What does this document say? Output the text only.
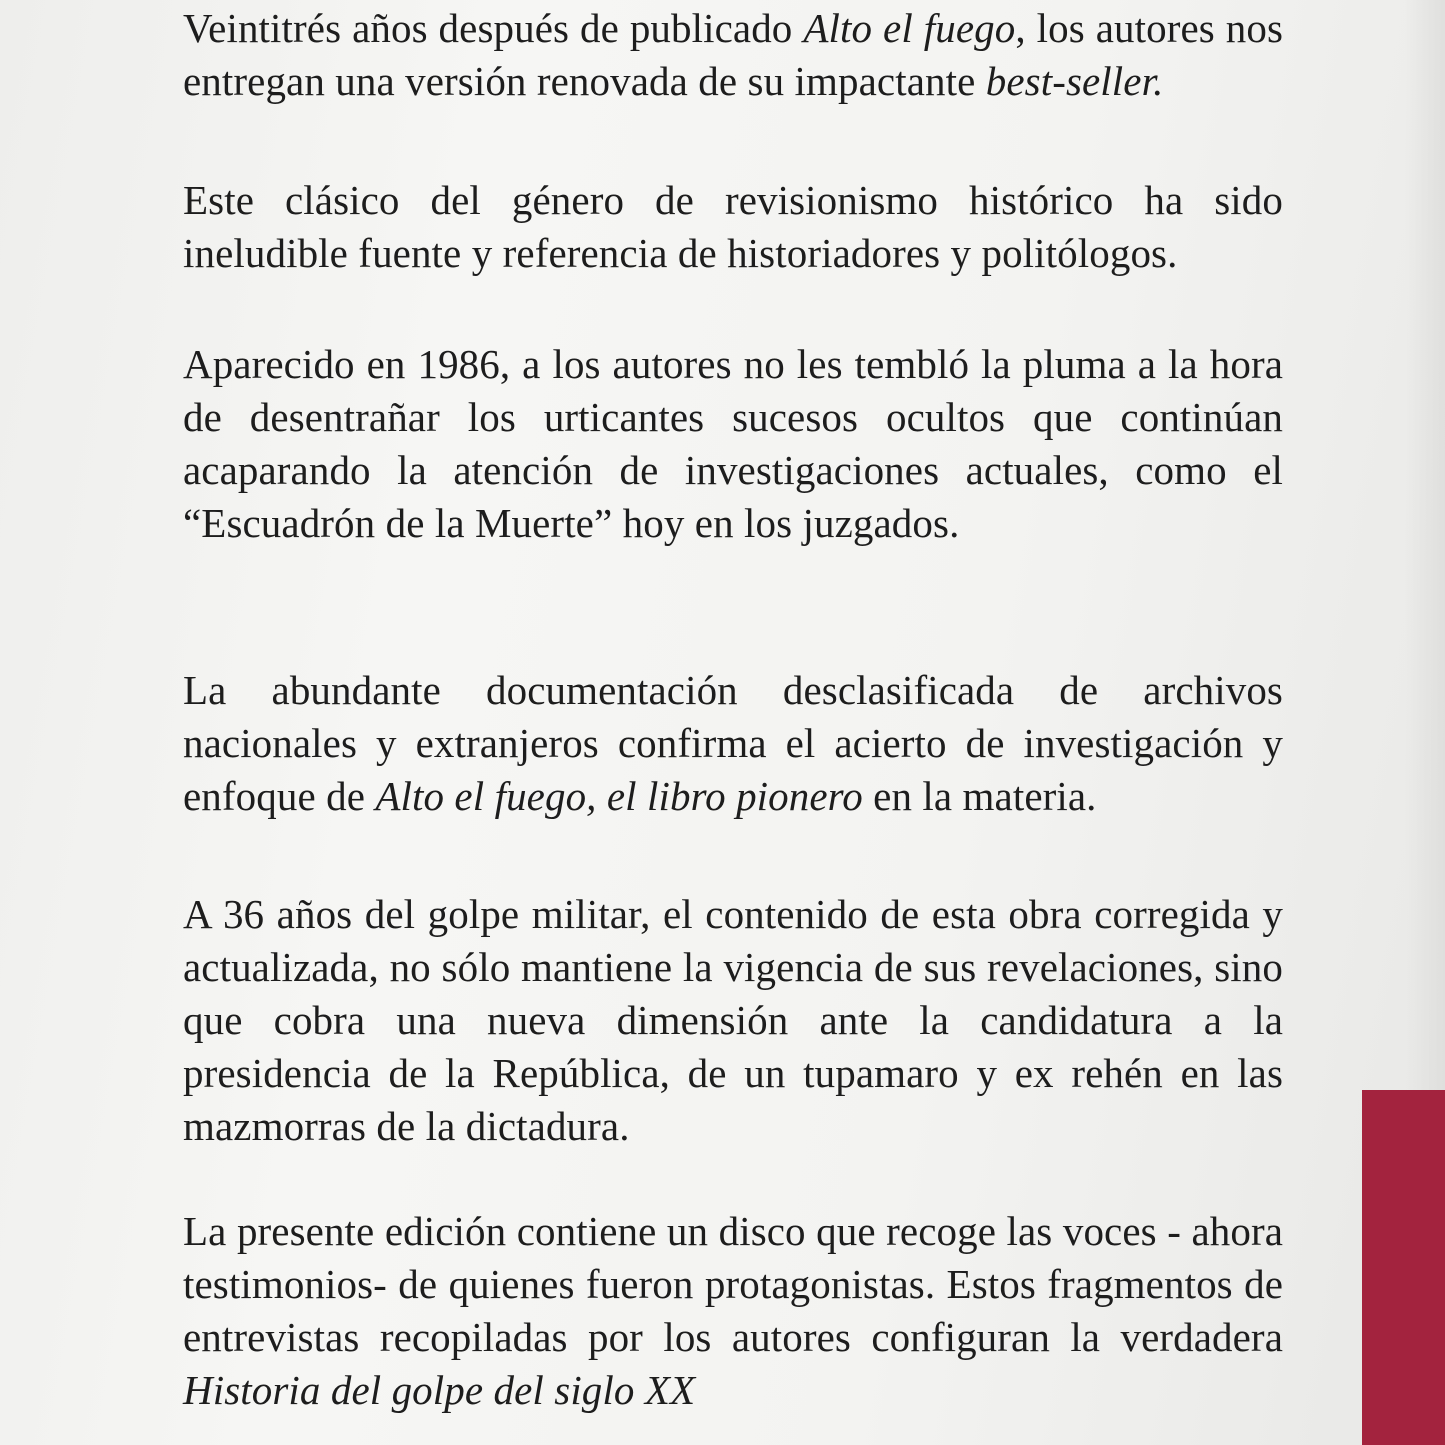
Veintitrés años después de publicado Alto el fuego, los autores nos entregan una versión renovada de su impactante best-seller.

Este clásico del género de revisionismo histórico ha sido ineludible fuente y referencia de historiadores y politólogos.

Aparecido en 1986, a los autores no les tembló la pluma a la hora de desentrañar los urticantes sucesos ocultos que continúan acaparando la atención de investigaciones actuales, como el “Escuadrón de la Muerte” hoy en los juzgados.

La abundante documentación desclasificada de archivos nacionales y extranjeros confirma el acierto de investigación y enfoque de Alto el fuego, el libro pionero en la materia.

A 36 años del golpe militar, el contenido de esta obra corregida y actualizada, no sólo mantiene la vigencia de sus revelaciones, sino que cobra una nueva dimensión ante la candidatura a la presidencia de la República, de un tupamaro y ex rehén en las mazmorras de la dictadura.

La presente edición contiene un disco que recoge las voces - ahora testimonios- de quienes fueron protagonistas. Estos fragmentos de entrevistas recopiladas por los autores configuran la verdadera Historia del golpe del siglo XX
